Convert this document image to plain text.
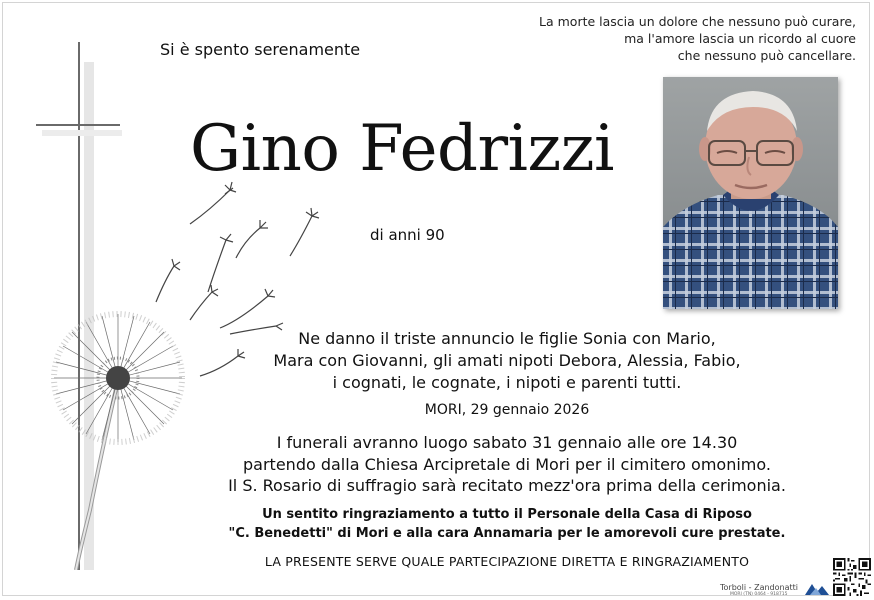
La morte lascia un dolore che nessuno può curare,
ma l'amore lascia un ricordo al cuore
che nessuno può cancellare.
Si è spento serenamente
Gino Fedrizzi
di anni 90
Ne danno il triste annuncio le figlie Sonia con Mario,
Mara con Giovanni, gli amati nipoti Debora, Alessia, Fabio,
i cognati, le cognate, i nipoti e parenti tutti.
MORI, 29 gennaio 2026
I funerali avranno luogo sabato 31 gennaio alle ore 14.30
partendo dalla Chiesa Arcipretale di Mori per il cimitero omonimo.
Il S. Rosario di suffragio sarà recitato mezz'ora prima della cerimonia.
Un sentito ringraziamento a tutto il Personale della Casa di Riposo
"C. Benedetti" di Mori e alla cara Annamaria per le amorevoli cure prestate.
LA PRESENTE SERVE QUALE PARTECIPAZIONE DIRETTA E RINGRAZIAMENTO
Torboli - Zandonatti
MORI (TN) 0464 - 918715
